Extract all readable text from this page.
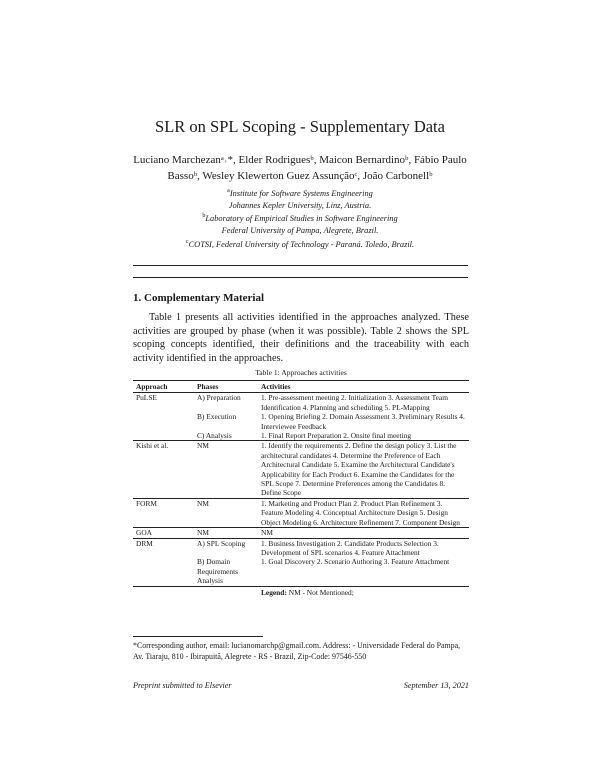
SLR on SPL Scoping - Supplementary Data
Luciano Marchezanᵃ˒*, Elder Rodriguesᵇ, Maicon Bernardinoᵇ, Fábio Paulo
Bassoᵇ, Wesley Klewerton Guez Assunçãoᶜ, João Carbonellᵇ
$^a$Institute for Software Systems Engineering
Johannes Kepler University, Linz, Austria.
$^b$Laboratory of Empirical Studies in Software Engineering
Federal University of Pampa, Alegrete, Brazil.
$^c$COTSI, Federal University of Technology - Paraná. Toledo, Brazil.
1. Complementary Material
Table 1 presents all activities identified in the approaches analyzed. These activities are grouped by phase (when it was possible). Table 2 shows the SPL scoping concepts identified, their definitions and the traceability with each activity identified in the approaches.
Table 1: Approaches activities
Approach	Phases	Activities
PuLSE	A) Preparation	1. Pre-assessment meeting 2. Initialization 3. Assessment Team Identification 4. Planning and scheduling 5. PL-Mapping
	B) Execution	1. Opening Briefing 2. Domain Assessment 3. Preliminary Results 4. Interviewee Feedback
	C) Analysis	1. Final Report Preparation 2. Onsite final meeting
Kishi et al.	NM	1. Identify the requirements 2. Define the design policy 3. List the architectural candidates 4. Determine the Preference of Each Architectural Candidate 5. Examine the Architectural Candidate's Applicability for Each Product 6. Examine the Candidates for the SPL Scope 7. Determine Preferences among the Candidates 8. Define Scope
FORM	NM	1. Marketing and Product Plan 2. Product Plan Refinement 3. Feature Modeling 4. Conceptual Architecture Design 5. Design Object Modeling 6. Architecture Refinement 7. Component Design
GOA	NM	NM
DRM	A) SPL Scoping	1. Business Investigation 2. Candidate Products Selection 3. Development of SPL scenarios 4. Feature Attachment
	B) Domain Requirements Analysis	1. Goal Discovery 2. Scenario Authoring 3. Feature Attachment
		Legend: NM - Not Mentioned;
*Corresponding author, email: lucianomarchp@gmail.com. Address: - Universidade Federal do Pampa, Av. Tiaraju, 810 - Ibirapuitã, Alegrete - RS - Brazil, Zip-Code: 97546-550
Preprint submitted to Elsevier	September 13, 2021
